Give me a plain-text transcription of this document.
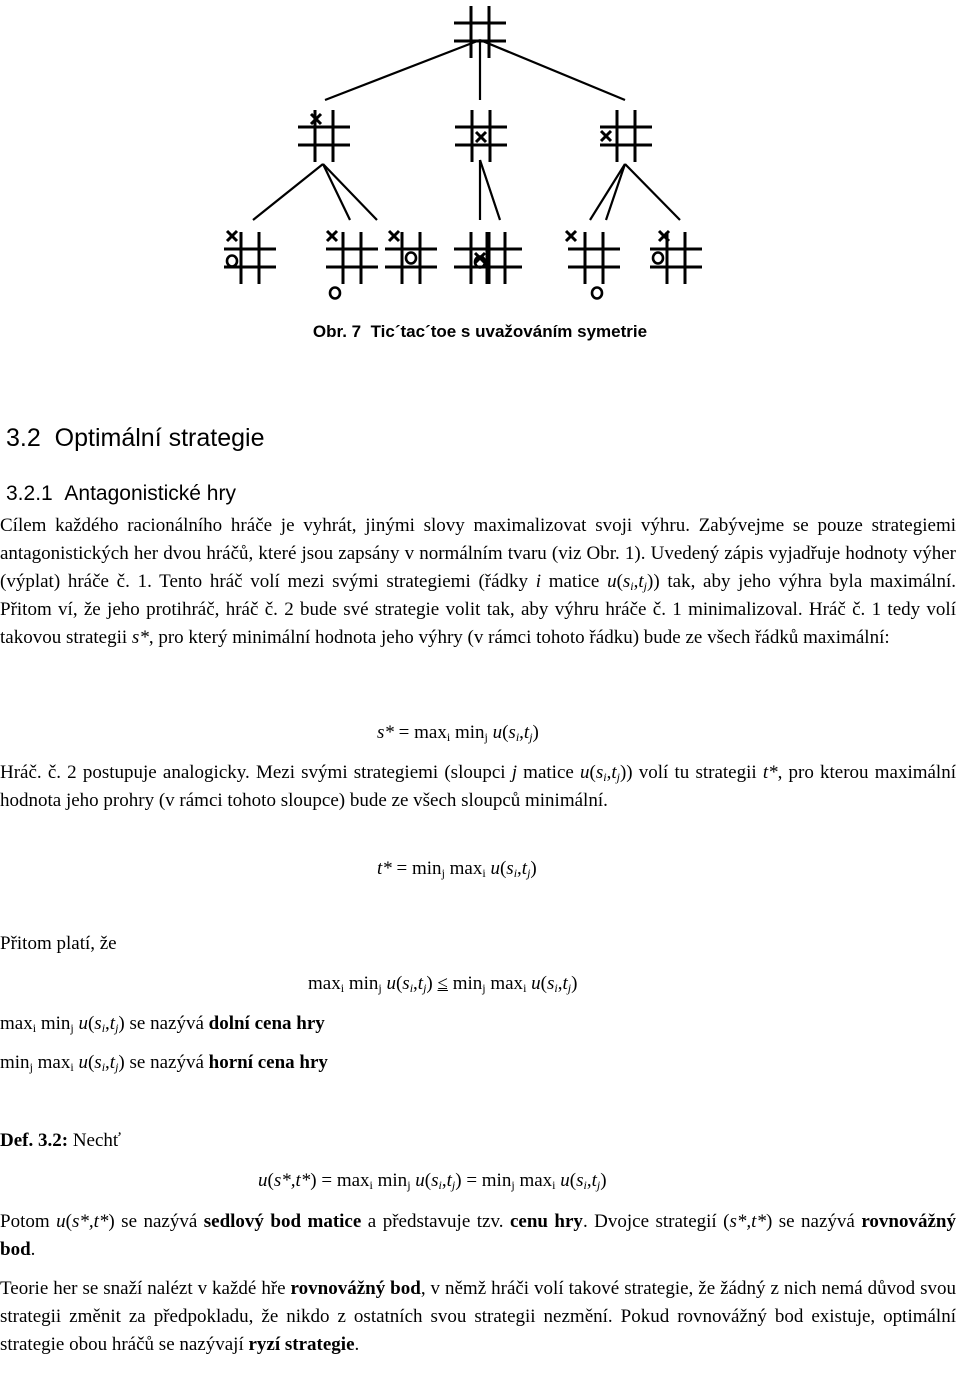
Obr. 7 Tic´tac´toe s uvažováním symetrie
3.2 Optimální strategie
3.2.1 Antagonistické hry
Cílem každého racionálního hráče je vyhrát, jinými slovy maximalizovat svoji výhru. Zabývejme se pouze strategiemi antagonistických her dvou hráčů, které jsou zapsány v normálním tvaru (viz Obr. 1). Uvedený zápis vyjadřuje hodnoty výher (výplat) hráče č. 1. Tento hráč volí mezi svými strategiemi (řádky i matice $u(s_i,t_j)$) tak, aby jeho výhra byla maximální. Přitom ví, že jeho protihráč, hráč č. 2 bude své strategie volit tak, aby výhru hráče č. 1 minimalizoval. Hráč č. 1 tedy volí takovou strategii s*, pro který minimální hodnota jeho výhry (v rámci tohoto řádku) bude ze všech řádků maximální:
$s* = \max_i \min_j u(s_i,t_j)$
Hráč. č. 2 postupuje analogicky. Mezi svými strategiemi (sloupci j matice $u(s_i,t_j)$) volí tu strategii t*, pro kterou maximální hodnota jeho prohry (v rámci tohoto sloupce) bude ze všech sloupců minimální.
$t* = \min_j \max_i u(s_i,t_j)$
Přitom platí, že
$\max_i \min_j u(s_i,t_j) \le \min_j \max_i u(s_i,t_j)$
$\max_i \min_j u(s_i,t_j)$ se nazývá dolní cena hry
$\min_j \max_i u(s_i,t_j)$ se nazývá horní cena hry
Def. 3.2: Nechť
$u(s*,t*) = \max_i \min_j u(s_i,t_j) = \min_j \max_i u(s_i,t_j)$
Potom u(s*,t*) se nazývá sedlový bod matice a představuje tzv. cenu hry. Dvojce strategií (s*,t*) se nazývá rovnovážný bod.
Teorie her se snaží nalézt v každé hře rovnovážný bod, v němž hráči volí takové strategie, že žádný z nich nemá důvod svou strategii změnit za předpokladu, že nikdo z ostatních svou strategii nezmění. Pokud rovnovážný bod existuje, optimální strategie obou hráčů se nazývají ryzí strategie.
